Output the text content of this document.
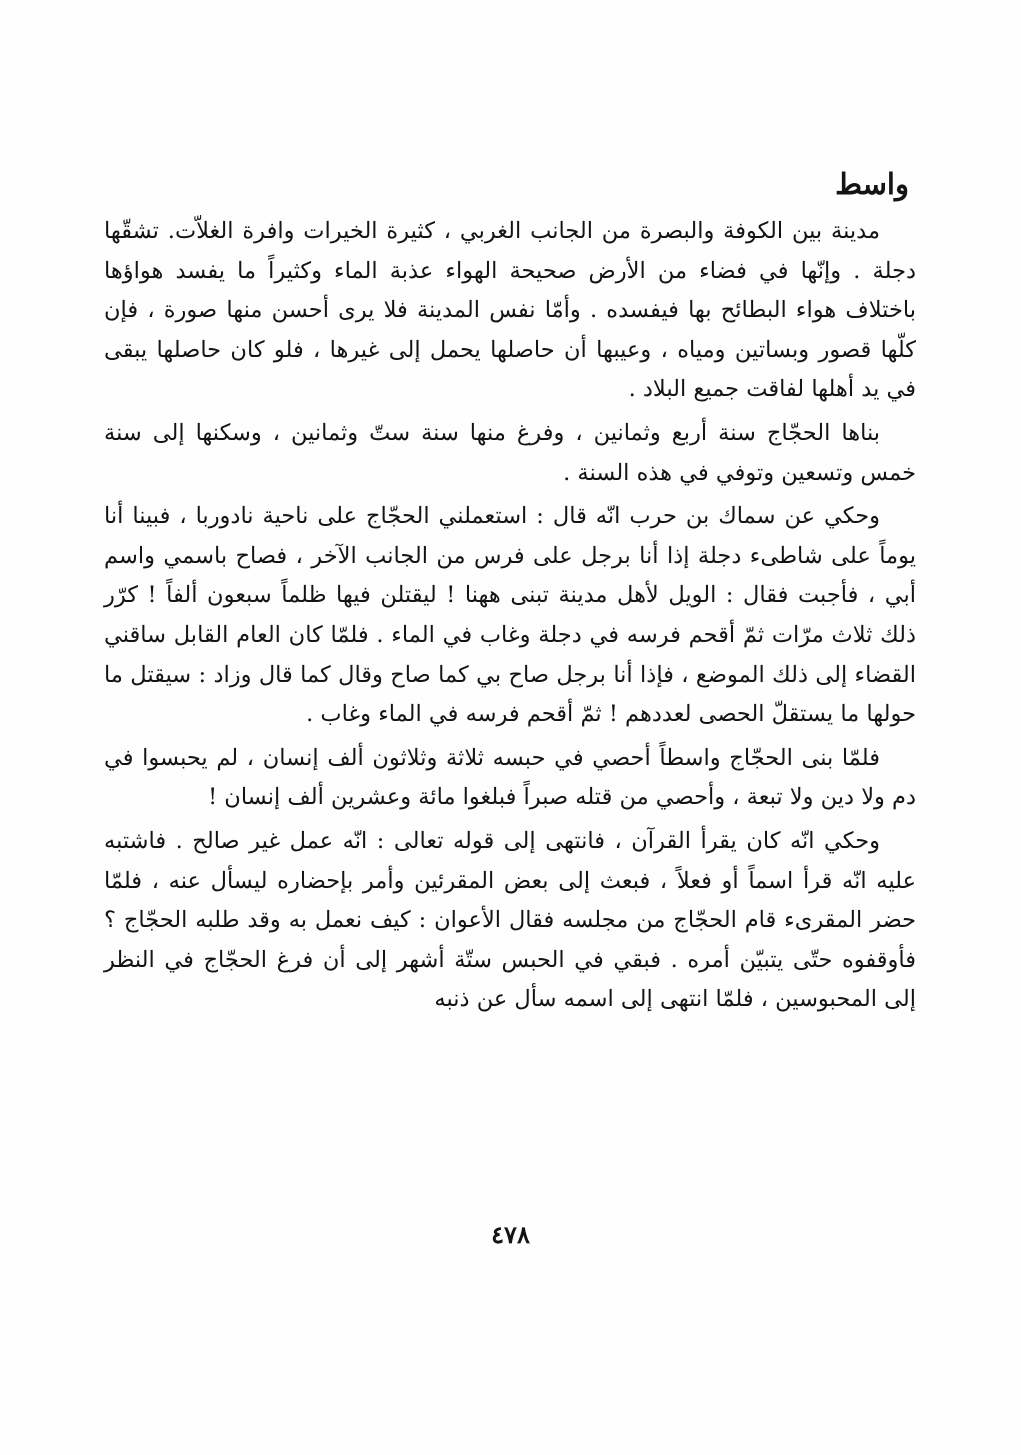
واسط

مدينة بين الكوفة والبصرة من الجانب الغربي ، كثيرة الخيرات وافرة الغلاّت. تشقّها دجلة . وإنّها في فضاء من الأرض صحيحة الهواء عذبة الماء وكثيراً ما يفسد هواؤها باختلاف هواء البطائح بها فيفسده . وأمّا نفس المدينة فلا يرى أحسن منها صورة ، فإن كلّها قصور وبساتين ومياه ، وعيبها أن حاصلها يحمل إلى غيرها ، فلو كان حاصلها يبقى في يد أهلها لفاقت جميع البلاد .

بناها الحجّاج سنة أربع وثمانين ، وفرغ منها سنة ستّ وثمانين ، وسكنها إلى سنة خمس وتسعين وتوفي في هذه السنة .

وحكي عن سماك بن حرب انّه قال : استعملني الحجّاج على ناحية نادوربا ، فبينا أنا يوماً على شاطىء دجلة إذا أنا برجل على فرس من الجانب الآخر ، فصاح باسمي واسم أبي ، فأجبت فقال : الويل لأهل مدينة تبنى ههنا ! ليقتلن فيها ظلماً سبعون ألفاً ! كرّر ذلك ثلاث مرّات ثمّ أقحم فرسه في دجلة وغاب في الماء . فلمّا كان العام القابل ساقني القضاء إلى ذلك الموضع ، فإذا أنا برجل صاح بي كما صاح وقال كما قال وزاد : سيقتل ما حولها ما يستقلّ الحصى لعددهم ! ثمّ أقحم فرسه في الماء وغاب .

فلمّا بنى الحجّاج واسطاً أحصي في حبسه ثلاثة وثلاثون ألف إنسان ، لم يحبسوا في دم ولا دين ولا تبعة ، وأحصي من قتله صبراً فبلغوا مائة وعشرين ألف إنسان !

وحكي انّه كان يقرأ القرآن ، فانتهى إلى قوله تعالى : انّه عمل غير صالح . فاشتبه عليه انّه قرأ اسماً أو فعلاً ، فبعث إلى بعض المقرئين وأمر بإحضاره ليسأل عنه ، فلمّا حضر المقرىء قام الحجّاج من مجلسه فقال الأعوان : كيف نعمل به وقد طلبه الحجّاج ؟ فأوقفوه حتّى يتبيّن أمره . فبقي في الحبس ستّة أشهر إلى أن فرغ الحجّاج في النظر إلى المحبوسين ، فلمّا انتهى إلى اسمه سأل عن ذنبه

٤٧٨
